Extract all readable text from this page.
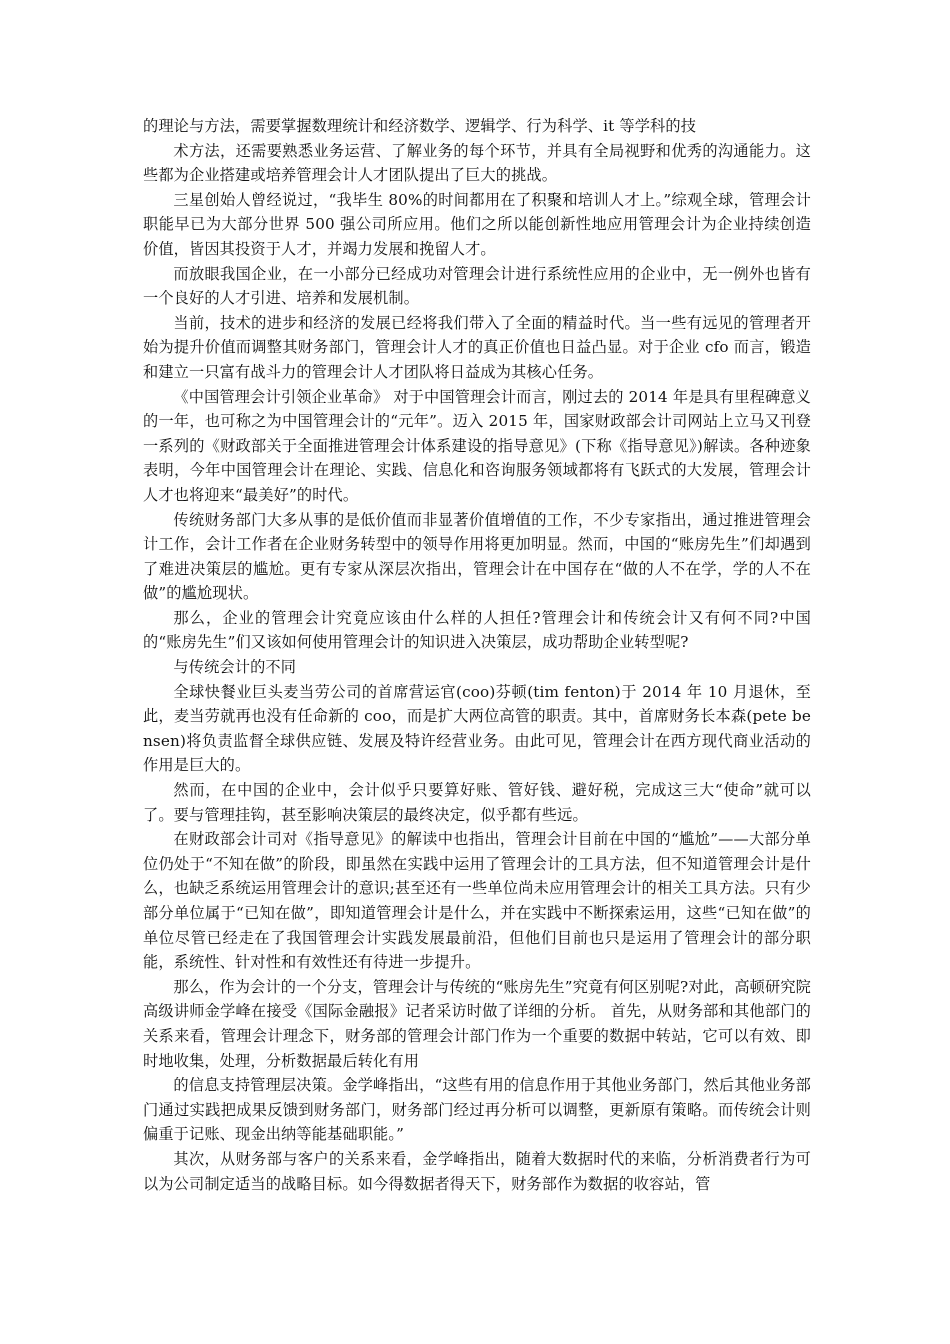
的理论与方法，需要掌握数理统计和经济数学、逻辑学、行为科学、it 等学科的技

术方法，还需要熟悉业务运营、了解业务的每个环节，并具有全局视野和优秀的沟通能力。这些都为企业搭建或培养管理会计人才团队提出了巨大的挑战。

三星创始人曾经说过，“我毕生 80%的时间都用在了积聚和培训人才上。”综观全球，管理会计职能早已为大部分世界 500 强公司所应用。他们之所以能创新性地应用管理会计为企业持续创造价值，皆因其投资于人才，并竭力发展和挽留人才。

而放眼我国企业，在一小部分已经成功对管理会计进行系统性应用的企业中，无一例外也皆有一个良好的人才引进、培养和发展机制。

当前，技术的进步和经济的发展已经将我们带入了全面的精益时代。当一些有远见的管理者开始为提升价值而调整其财务部门，管理会计人才的真正价值也日益凸显。对于企业 cfo 而言，锻造和建立一只富有战斗力的管理会计人才团队将日益成为其核心任务。

《中国管理会计引领企业革命》 对于中国管理会计而言，刚过去的 2014 年是具有里程碑意义的一年，也可称之为中国管理会计的“元年”。迈入 2015 年，国家财政部会计司网站上立马又刊登一系列的《财政部关于全面推进管理会计体系建设的指导意见》(下称《指导意见》)解读。各种迹象表明，今年中国管理会计在理论、实践、信息化和咨询服务领域都将有飞跃式的大发展，管理会计人才也将迎来“最美好”的时代。

传统财务部门大多从事的是低价值而非显著价值增值的工作，不少专家指出，通过推进管理会计工作，会计工作者在企业财务转型中的领导作用将更加明显。然而，中国的“账房先生”们却遇到了难进决策层的尴尬。更有专家从深层次指出，管理会计在中国存在“做的人不在学，学的人不在做”的尴尬现状。

那么，企业的管理会计究竟应该由什么样的人担任?管理会计和传统会计又有何不同?中国的“账房先生”们又该如何使用管理会计的知识进入决策层，成功帮助企业转型呢?

与传统会计的不同

全球快餐业巨头麦当劳公司的首席营运官(coo)芬顿(tim fenton)于 2014 年 10 月退休，至此，麦当劳就再也没有任命新的 coo，而是扩大两位高管的职责。其中，首席财务长本森(pete bensen)将负责监督全球供应链、发展及特许经营业务。由此可见，管理会计在西方现代商业活动的作用是巨大的。

然而，在中国的企业中，会计似乎只要算好账、管好钱、避好税，完成这三大“使命”就可以了。要与管理挂钩，甚至影响决策层的最终决定，似乎都有些远。

在财政部会计司对《指导意见》的解读中也指出，管理会计目前在中国的“尴尬”——大部分单位仍处于“不知在做”的阶段，即虽然在实践中运用了管理会计的工具方法，但不知道管理会计是什么，也缺乏系统运用管理会计的意识;甚至还有一些单位尚未应用管理会计的相关工具方法。只有少部分单位属于“已知在做”，即知道管理会计是什么，并在实践中不断探索运用，这些“已知在做”的单位尽管已经走在了我国管理会计实践发展最前沿，但他们目前也只是运用了管理会计的部分职能，系统性、针对性和有效性还有待进一步提升。

那么，作为会计的一个分支，管理会计与传统的“账房先生”究竟有何区别呢?对此，高顿研究院高级讲师金学峰在接受《国际金融报》记者采访时做了详细的分析。 首先，从财务部和其他部门的关系来看，管理会计理念下，财务部的管理会计部门作为一个重要的数据中转站，它可以有效、即时地收集，处理，分析数据最后转化有用

的信息支持管理层决策。金学峰指出，“这些有用的信息作用于其他业务部门，然后其他业务部门通过实践把成果反馈到财务部门，财务部门经过再分析可以调整，更新原有策略。而传统会计则偏重于记账、现金出纳等能基础职能。”

其次，从财务部与客户的关系来看，金学峰指出，随着大数据时代的来临，分析消费者行为可以为公司制定适当的战略目标。如今得数据者得天下，财务部作为数据的收容站，管
